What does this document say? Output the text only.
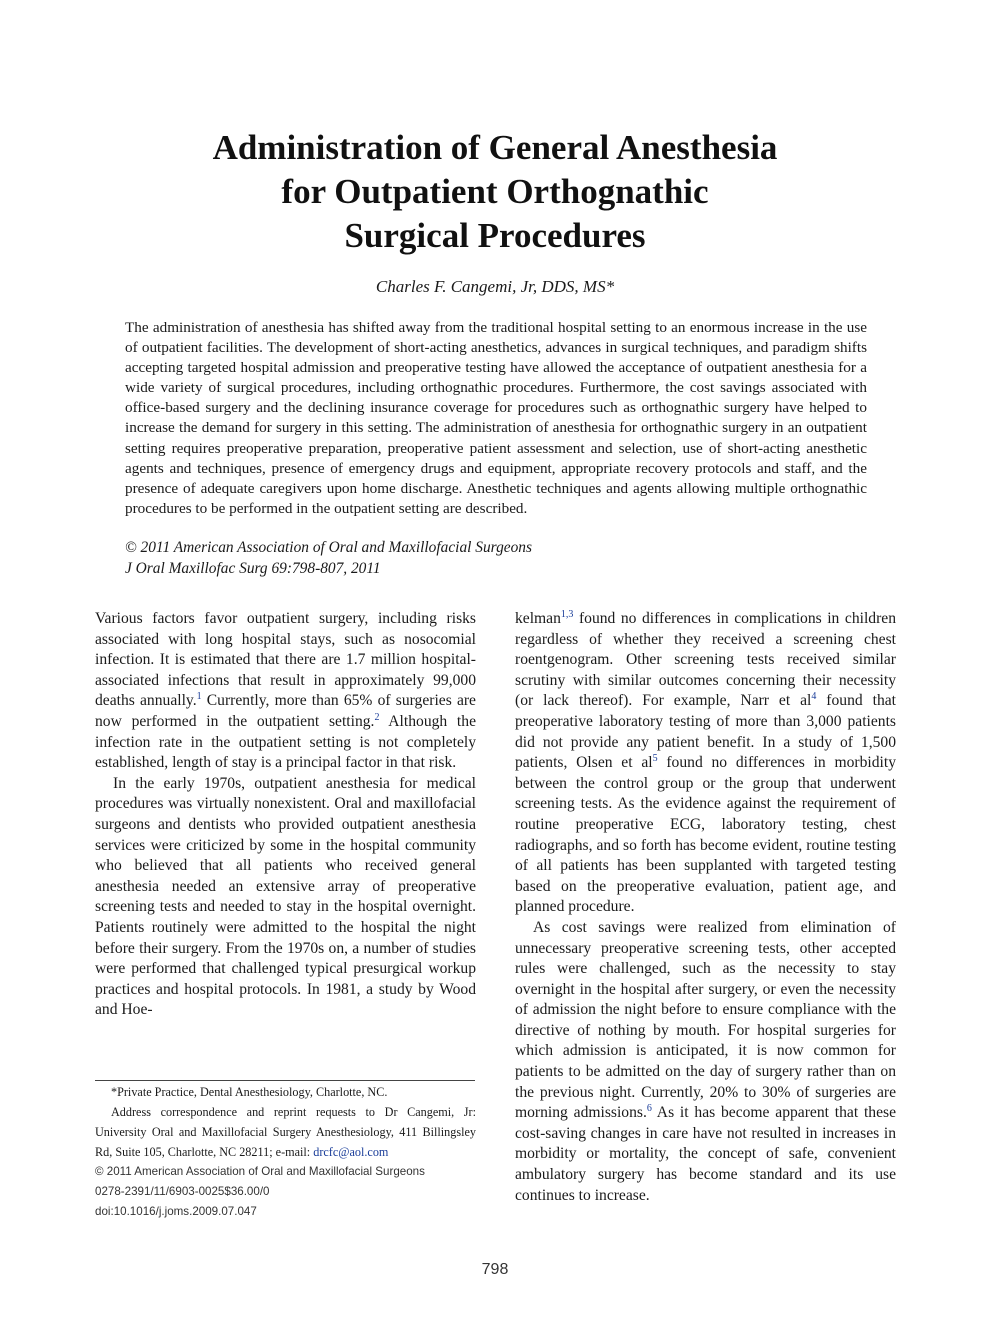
Administration of General Anesthesia
for Outpatient Orthognathic
Surgical Procedures
Charles F. Cangemi, Jr, DDS, MS*

The administration of anesthesia has shifted away from the traditional hospital setting to an enormous increase in the use of outpatient facilities. The development of short-acting anesthetics, advances in surgical techniques, and paradigm shifts accepting targeted hospital admission and preoperative testing have allowed the acceptance of outpatient anesthesia for a wide variety of surgical procedures, including orthognathic procedures. Furthermore, the cost savings associated with office-based surgery and the declining insurance coverage for procedures such as orthognathic surgery have helped to increase the demand for surgery in this setting. The administration of anesthesia for orthognathic surgery in an outpatient setting requires preoperative preparation, preoperative patient assessment and selection, use of short-acting anesthetic agents and techniques, presence of emergency drugs and equipment, appropriate recovery protocols and staff, and the presence of adequate caregivers upon home discharge. Anesthetic techniques and agents allowing multiple orthognathic procedures to be performed in the outpatient setting are described.

© 2011 American Association of Oral and Maxillofacial Surgeons
J Oral Maxillofac Surg 69:798-807, 2011

Various factors favor outpatient surgery, including risks associated with long hospital stays, such as nosocomial infection. It is estimated that there are 1.7 million hospital-associated infections that result in approximately 99,000 deaths annually.$^1$ Currently, more than 65% of surgeries are now performed in the outpatient setting.$^2$ Although the infection rate in the outpatient setting is not completely established, length of stay is a principal factor in that risk.

In the early 1970s, outpatient anesthesia for medical procedures was virtually nonexistent. Oral and maxillofacial surgeons and dentists who provided outpatient anesthesia services were criticized by some in the hospital community who believed that all patients who received general anesthesia needed an extensive array of preoperative screening tests and needed to stay in the hospital overnight. Patients routinely were admitted to the hospital the night before their surgery. From the 1970s on, a number of studies were performed that challenged typical presurgical workup practices and hospital protocols. In 1981, a study by Wood and Hoe-

kelman$^{1,3}$ found no differences in complications in children regardless of whether they received a screening chest roentgenogram. Other screening tests received similar scrutiny with similar outcomes concerning their necessity (or lack thereof). For example, Narr et $al^4$ found that preoperative laboratory testing of more than 3,000 patients did not provide any patient benefit. In a study of 1,500 patients, Olsen et $al^5$ found no differences in morbidity between the control group or the group that underwent screening tests. As the evidence against the requirement of routine preoperative ECG, laboratory testing, chest radiographs, and so forth has become evident, routine testing of all patients has been supplanted with targeted testing based on the preoperative evaluation, patient age, and planned procedure.

As cost savings were realized from elimination of unnecessary preoperative screening tests, other accepted rules were challenged, such as the necessity to stay overnight in the hospital after surgery, or even the necessity of admission the night before to ensure compliance with the directive of nothing by mouth. For hospital surgeries for which admission is anticipated, it is now common for patients to be admitted on the day of surgery rather than on the previous night. Currently, 20% to 30% of surgeries are morning admissions.$^6$ As it has become apparent that these cost-saving changes in care have not resulted in increases in morbidity or mortality, the concept of safe, convenient ambulatory surgery has become standard and its use continues to increase.

*Private Practice, Dental Anesthesiology, Charlotte, NC.

Address correspondence and reprint requests to Dr Cangemi, Jr: University Oral and Maxillofacial Surgery Anesthesiology, 411 Billingsley Rd, Suite 105, Charlotte, NC 28211; e-mail: drcfc@aol.com

© 2011 American Association of Oral and Maxillofacial Surgeons

0278-2391/11/6903-0025$36.00/0

doi:10.1016/j.joms.2009.07.047

798
